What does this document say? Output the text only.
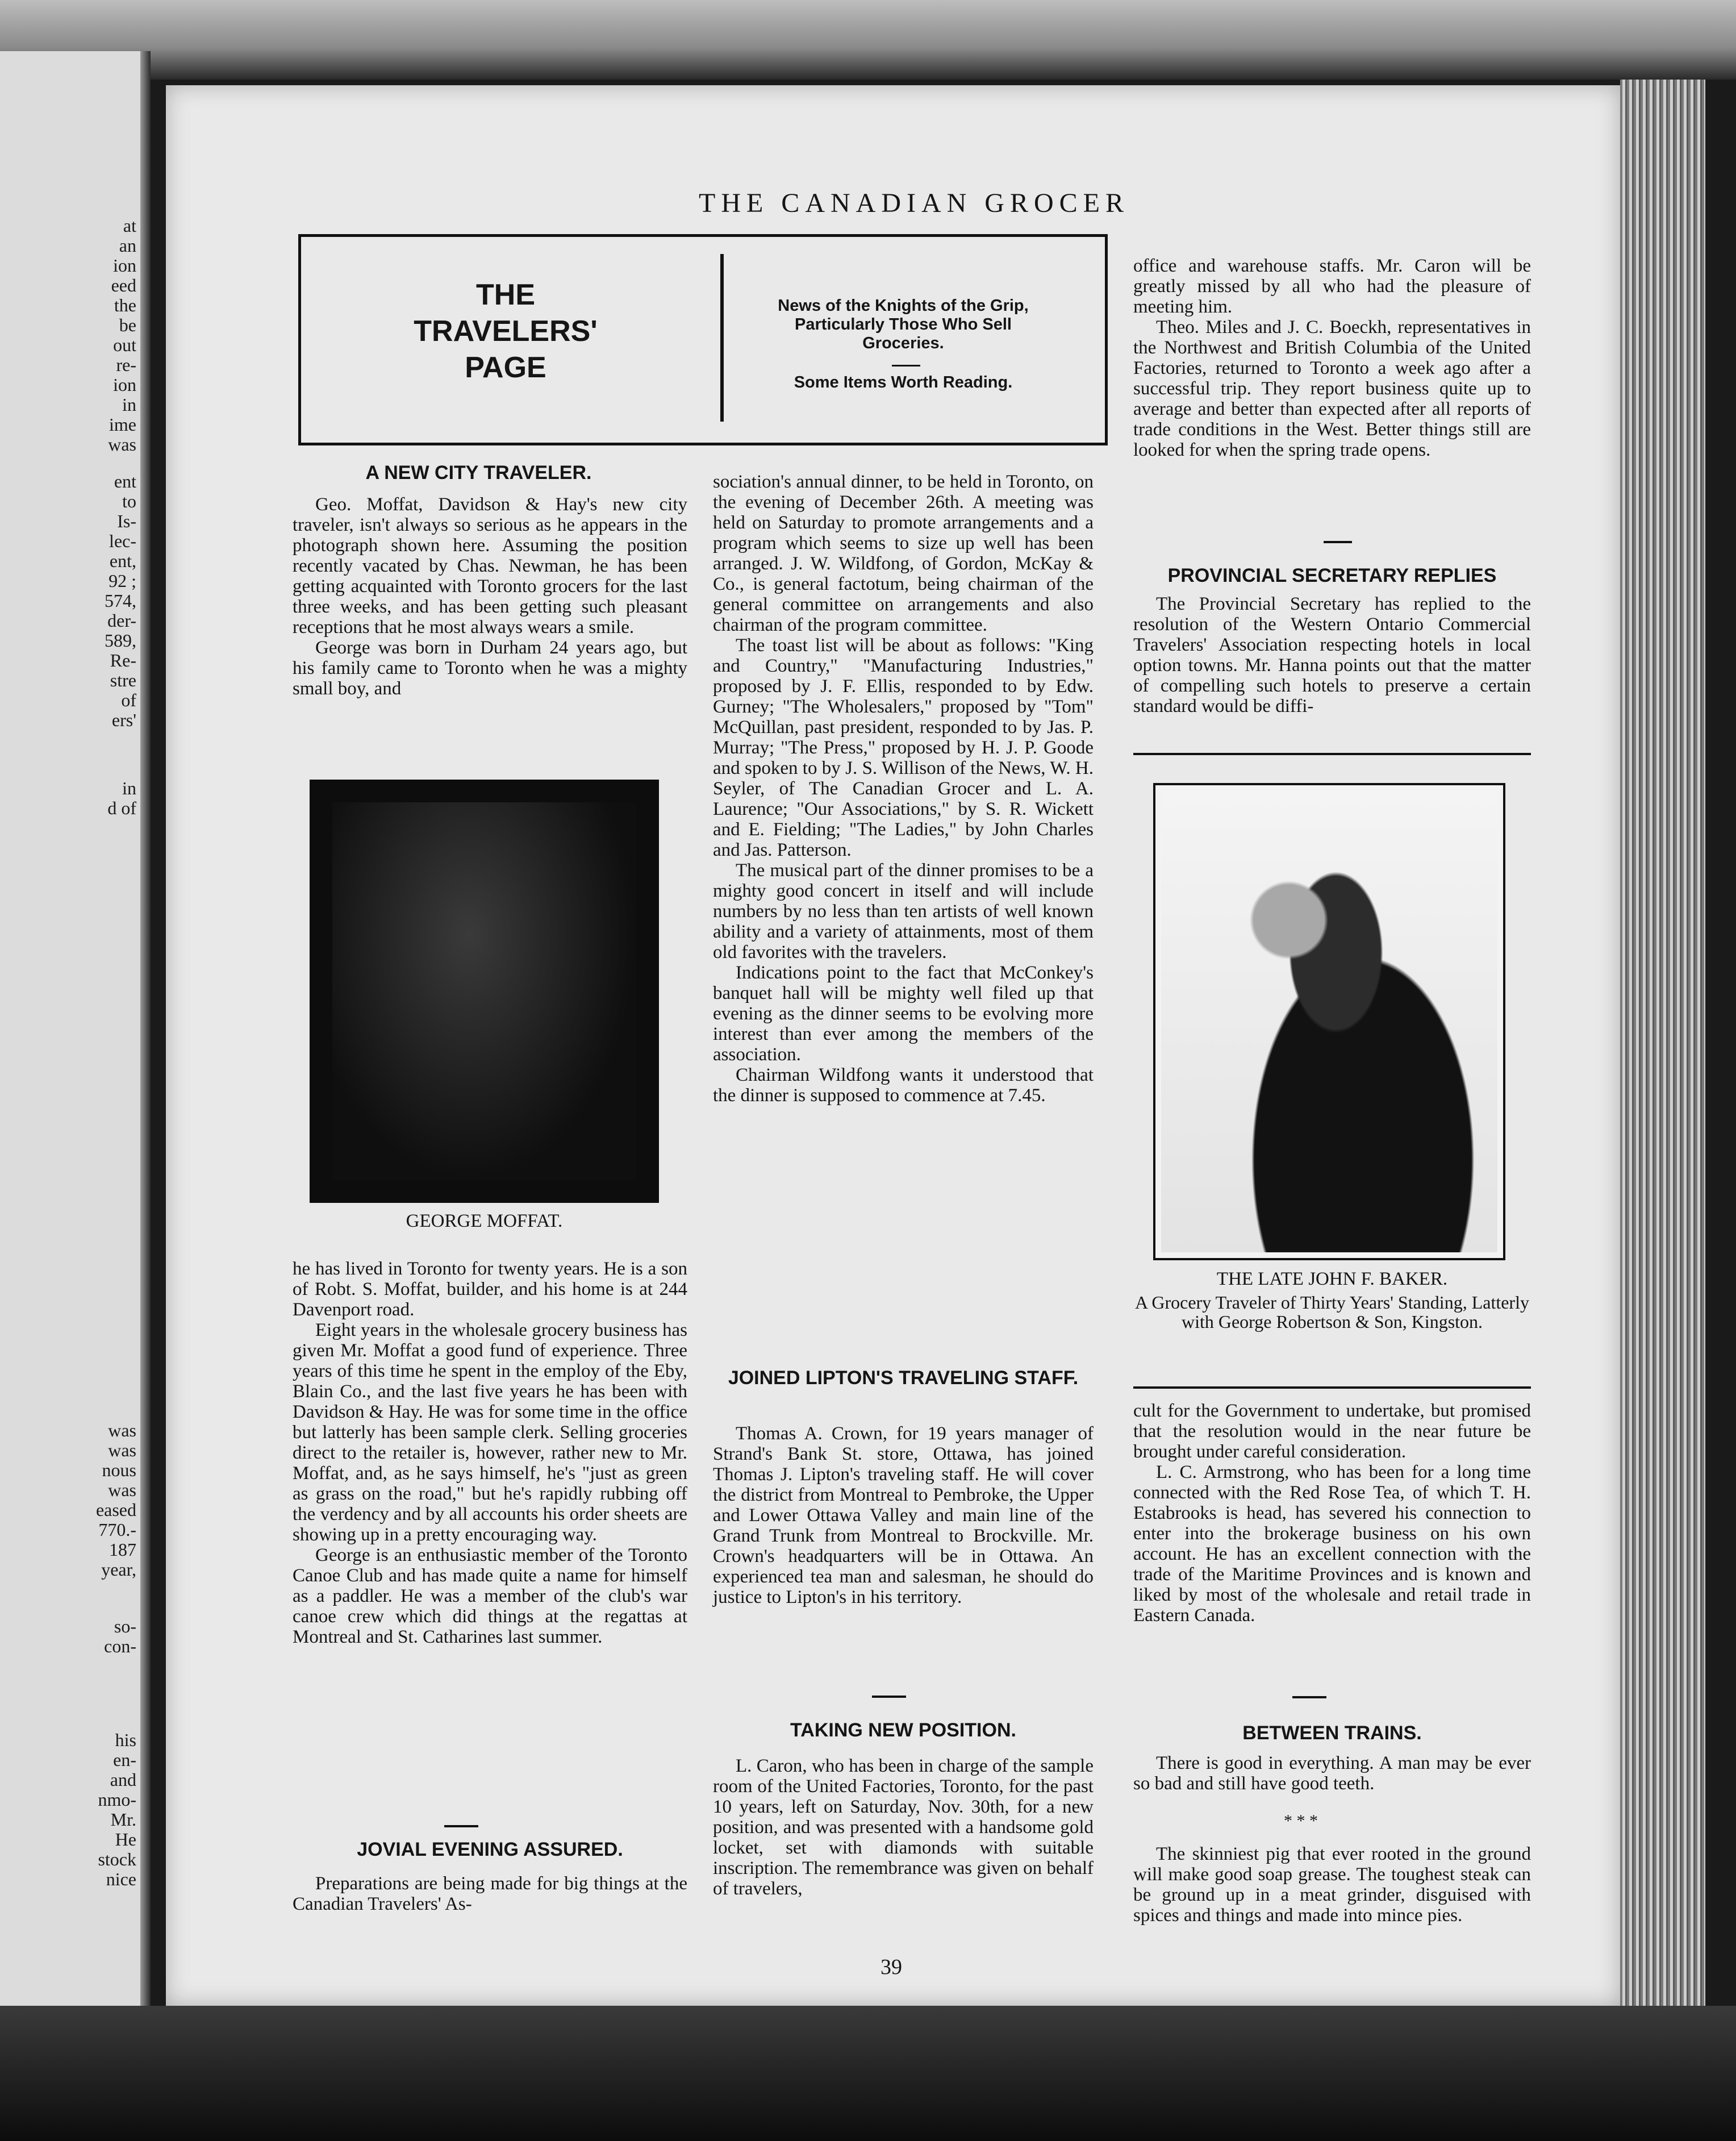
at
an
ion
eed
the
be
out
re-
ion
in
ime
was
ent
to
Is-
lec-
ent,
92 ;
574,
der-
589,
Re-
stre
of
ers'
in
d of
was
was
nous
was
eased
770.-
187
year,
so-
con-
his
en-
and
nmo-
Mr.
He
stock
nice
THE CANADIAN GROCER
THE
TRAVELERS'
PAGE
News of the Knights of the Grip, Particularly Those Who Sell Groceries.
Some Items Worth Reading.
A NEW CITY TRAVELER.

Geo. Moffat, Davidson & Hay's new city traveler, isn't always so serious as he appears in the photograph shown here. Assuming the position recently vacated by Chas. Newman, he has been getting acquainted with Toronto grocers for the last three weeks, and has been getting such pleasant receptions that he most always wears a smile.

George was born in Durham 24 years ago, but his family came to Toronto when he was a mighty small boy, and

GEORGE MOFFAT.

he has lived in Toronto for twenty years. He is a son of Robt. S. Moffat, builder, and his home is at 244 Davenport road.

Eight years in the wholesale grocery business has given Mr. Moffat a good fund of experience. Three years of this time he spent in the employ of the Eby, Blain Co., and the last five years he has been with Davidson & Hay. He was for some time in the office but latterly has been sample clerk. Selling groceries direct to the retailer is, however, rather new to Mr. Moffat, and, as he says himself, he's "just as green as grass on the road," but he's rapidly rubbing off the verdency and by all accounts his order sheets are showing up in a pretty encouraging way.

George is an enthusiastic member of the Toronto Canoe Club and has made quite a name for himself as a paddler. He was a member of the club's war canoe crew which did things at the regattas at Montreal and St. Catharines last summer.

JOVIAL EVENING ASSURED.

Preparations are being made for big things at the Canadian Travelers' As-

sociation's annual dinner, to be held in Toronto, on the evening of December 26th. A meeting was held on Saturday to promote arrangements and a program which seems to size up well has been arranged. J. W. Wildfong, of Gordon, McKay & Co., is general factotum, being chairman of the general committee on arrangements and also chairman of the program committee.

The toast list will be about as follows: "King and Country," "Manufacturing Industries," proposed by J. F. Ellis, responded to by Edw. Gurney; "The Wholesalers," proposed by "Tom" McQuillan, past president, responded to by Jas. P. Murray; "The Press," proposed by H. J. P. Goode and spoken to by J. S. Willison of the News, W. H. Seyler, of The Canadian Grocer and L. A. Laurence; "Our Associations," by S. R. Wickett and E. Fielding; "The Ladies," by John Charles and Jas. Patterson.

The musical part of the dinner promises to be a mighty good concert in itself and will include numbers by no less than ten artists of well known ability and a variety of attainments, most of them old favorites with the travelers.

Indications point to the fact that McConkey's banquet hall will be mighty well filed up that evening as the dinner seems to be evolving more interest than ever among the members of the association.

Chairman Wildfong wants it understood that the dinner is supposed to commence at 7.45.

JOINED LIPTON'S TRAVELING STAFF.

Thomas A. Crown, for 19 years manager of Strand's Bank St. store, Ottawa, has joined Thomas J. Lipton's traveling staff. He will cover the district from Montreal to Pembroke, the Upper and Lower Ottawa Valley and main line of the Grand Trunk from Montreal to Brockville. Mr. Crown's headquarters will be in Ottawa. An experienced tea man and salesman, he should do justice to Lipton's in his territory.

TAKING NEW POSITION.

L. Caron, who has been in charge of the sample room of the United Factories, Toronto, for the past 10 years, left on Saturday, Nov. 30th, for a new position, and was presented with a handsome gold locket, set with diamonds with suitable inscription. The remembrance was given on behalf of travelers,

office and warehouse staffs. Mr. Caron will be greatly missed by all who had the pleasure of meeting him.

Theo. Miles and J. C. Boeckh, representatives in the Northwest and British Columbia of the United Factories, returned to Toronto a week ago after a successful trip. They report business quite up to average and better than expected after all reports of trade conditions in the West. Better things still are looked for when the spring trade opens.

PROVINCIAL SECRETARY REPLIES

The Provincial Secretary has replied to the resolution of the Western Ontario Commercial Travelers' Association respecting hotels in local option towns. Mr. Hanna points out that the matter of compelling such hotels to preserve a certain standard would be diffi-

THE LATE JOHN F. BAKER.
A Grocery Traveler of Thirty Years' Standing, Latterly with George Robertson & Son, Kingston.

cult for the Government to undertake, but promised that the resolution would in the near future be brought under careful consideration.

L. C. Armstrong, who has been for a long time connected with the Red Rose Tea, of which T. H. Estabrooks is head, has severed his connection to enter into the brokerage business on his own account. He has an excellent connection with the trade of the Maritime Provinces and is known and liked by most of the wholesale and retail trade in Eastern Canada.

BETWEEN TRAINS.

There is good in everything. A man may be ever so bad and still have good teeth.

* * *

The skinniest pig that ever rooted in the ground will make good soap grease. The toughest steak can be ground up in a meat grinder, disguised with spices and things and made into mince pies.

39
